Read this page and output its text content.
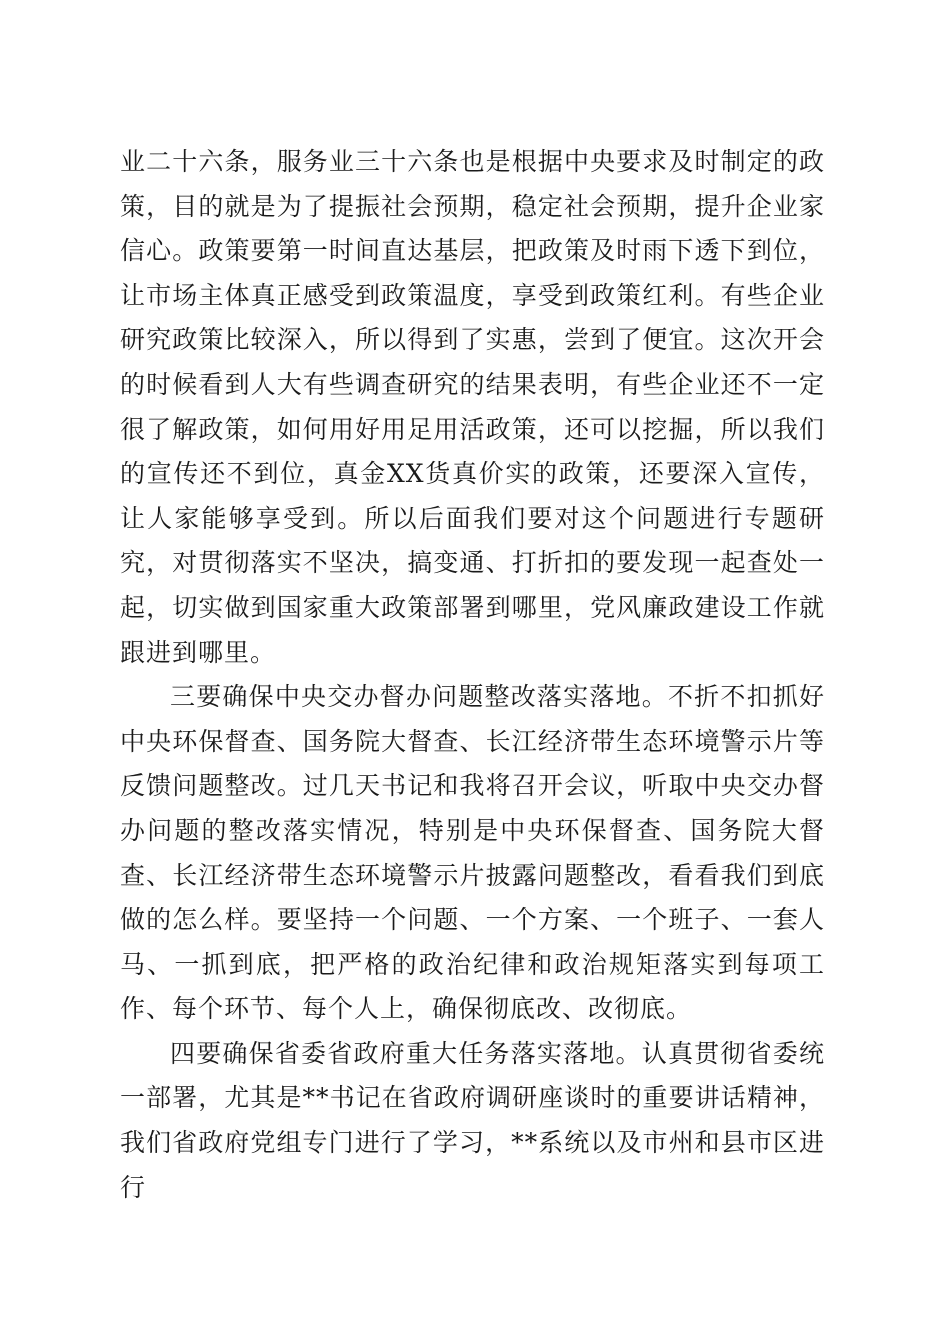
业二十六条，服务业三十六条也是根据中央要求及时制定的政策，目的就是为了提振社会预期，稳定社会预期，提升企业家信心。政策要第一时间直达基层，把政策及时雨下透下到位，让市场主体真正感受到政策温度，享受到政策红利。有些企业研究政策比较深入，所以得到了实惠，尝到了便宜。这次开会的时候看到人大有些调查研究的结果表明，有些企业还不一定很了解政策，如何用好用足用活政策，还可以挖掘，所以我们的宣传还不到位，真金XX货真价实的政策，还要深入宣传，让人家能够享受到。所以后面我们要对这个问题进行专题研究，对贯彻落实不坚决，搞变通、打折扣的要发现一起查处一起，切实做到国家重大政策部署到哪里，党风廉政建设工作就跟进到哪里。

三要确保中央交办督办问题整改落实落地。不折不扣抓好中央环保督查、国务院大督查、长江经济带生态环境警示片等反馈问题整改。过几天书记和我将召开会议，听取中央交办督办问题的整改落实情况，特别是中央环保督查、国务院大督查、长江经济带生态环境警示片披露问题整改，看看我们到底做的怎么样。要坚持一个问题、一个方案、一个班子、一套人马、一抓到底，把严格的政治纪律和政治规矩落实到每项工作、每个环节、每个人上，确保彻底改、改彻底。

四要确保省委省政府重大任务落实落地。认真贯彻省委统一部署，尤其是**书记在省政府调研座谈时的重要讲话精神，我们省政府党组专门进行了学习，**系统以及市州和县市区进行
